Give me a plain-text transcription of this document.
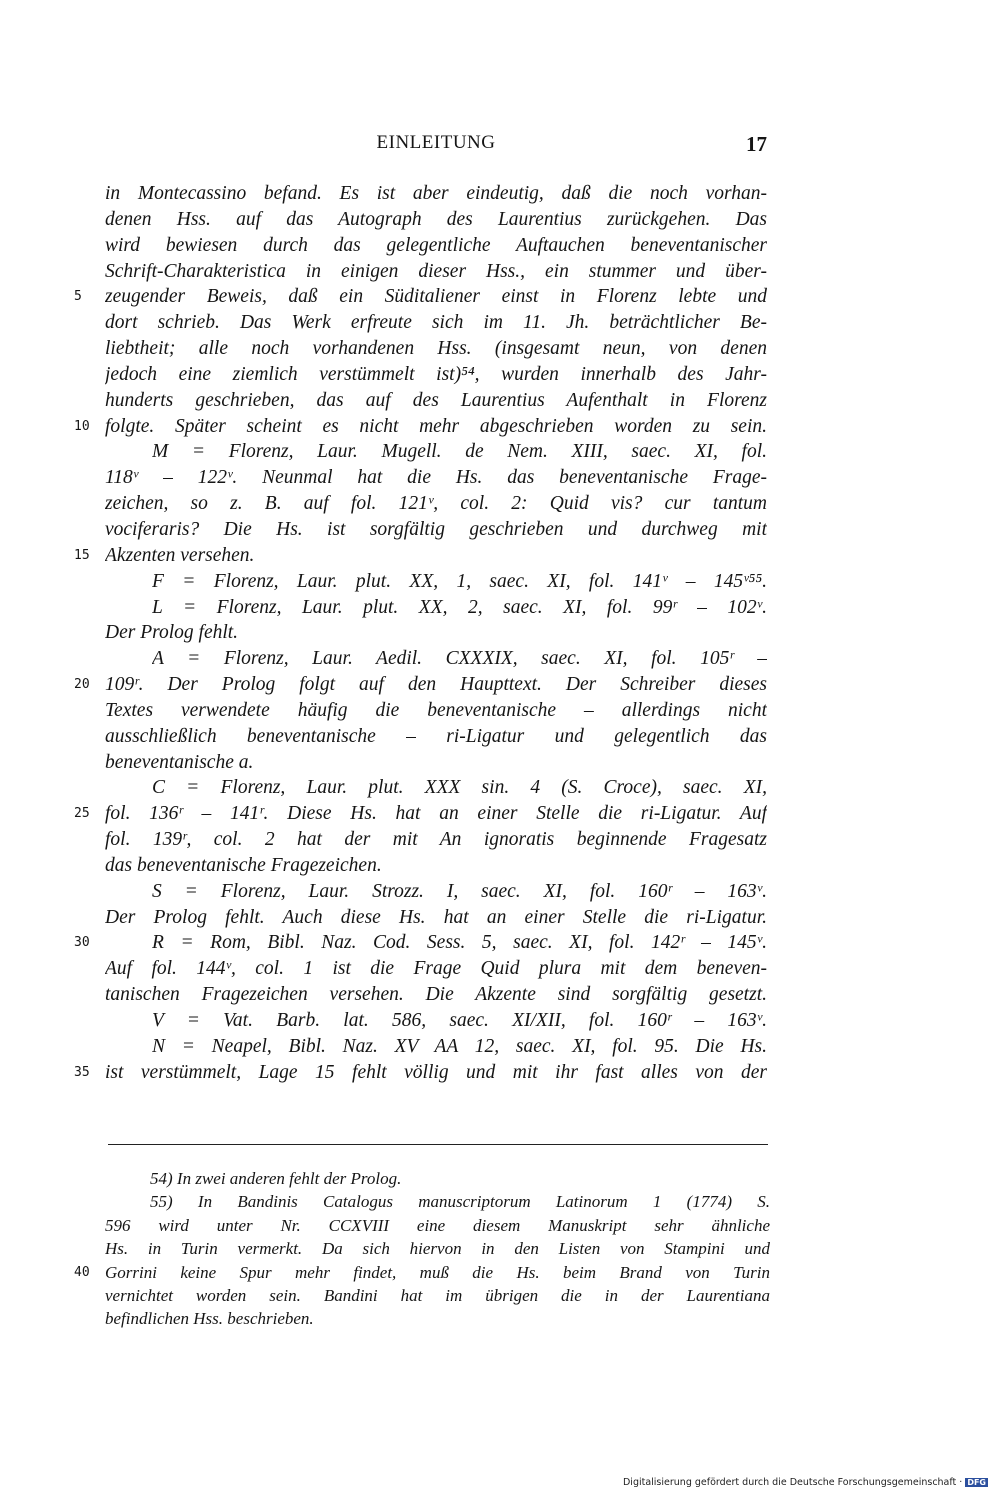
EINLEITUNG	17
in Montecassino befand. Es ist aber eindeutig, daß die noch vorhan-
denen Hss. auf das Autograph des Laurentius zurückgehen. Das
wird bewiesen durch das gelegentliche Auftauchen beneventanischer
Schrift-Charakteristica in einigen dieser Hss., ein stummer und über-
5	zeugender Beweis, daß ein Süditaliener einst in Florenz lebte und
dort schrieb. Das Werk erfreute sich im 11. Jh. beträchtlicher Be-
liebtheit; alle noch vorhandenen Hss. (insgesamt neun, von denen
jedoch eine ziemlich verstümmelt ist)⁵⁴, wurden innerhalb des Jahr-
hunderts geschrieben, das auf des Laurentius Aufenthalt in Florenz
10 folgte. Später scheint es nicht mehr abgeschrieben worden zu sein.
M = Florenz, Laur. Mugell. de Nem. XIII, saec. XI, fol.
118ᵛ – 122ᵛ. Neunmal hat die Hs. das beneventanische Frage-
zeichen, so z. B. auf fol. 121ᵛ, col. 2: Quid vis? cur tantum
vociferaris? Die Hs. ist sorgfältig geschrieben und durchweg mit
15 Akzenten versehen.
F = Florenz, Laur. plut. XX, 1, saec. XI, fol. 141ᵛ – 145ᵛ⁵⁵.
L = Florenz, Laur. plut. XX, 2, saec. XI, fol. 99ʳ – 102ᵛ.
Der Prolog fehlt.
A = Florenz, Laur. Aedil. CXXXIX, saec. XI, fol. 105ʳ –
20 109ʳ. Der Prolog folgt auf den Haupttext. Der Schreiber dieses
Textes verwendete häufig die beneventanische – allerdings nicht
ausschließlich beneventanische – ri-Ligatur und gelegentlich das
beneventanische a.
C = Florenz, Laur. plut. XXX sin. 4 (S. Croce), saec. XI,
25 fol. 136ʳ – 141ʳ. Diese Hs. hat an einer Stelle die ri-Ligatur. Auf
fol. 139ʳ, col. 2 hat der mit An ignoratis beginnende Fragesatz
das beneventanische Fragezeichen.
S = Florenz, Laur. Strozz. I, saec. XI, fol. 160ʳ – 163ᵛ.
Der Prolog fehlt. Auch diese Hs. hat an einer Stelle die ri-Ligatur.
30	R = Rom, Bibl. Naz. Cod. Sess. 5, saec. XI, fol. 142ʳ – 145ᵛ.
Auf fol. 144ᵛ, col. 1 ist die Frage Quid plura mit dem beneven-
tanischen Fragezeichen versehen. Die Akzente sind sorgfältig gesetzt.
V = Vat. Barb. lat. 586, saec. XI/XII, fol. 160ʳ – 163ᵛ.
N = Neapel, Bibl. Naz. XV AA 12, saec. XI, fol. 95. Die Hs.
35 ist verstümmelt, Lage 15 fehlt völlig und mit ihr fast alles von der
54) In zwei anderen fehlt der Prolog.
55) In Bandinis Catalogus manuscriptorum Latinorum 1 (1774) S.
596 wird unter Nr. CCXVIII eine diesem Manuskript sehr ähnliche
Hs. in Turin vermerkt. Da sich hiervon in den Listen von Stampini und
40 Gorrini keine Spur mehr findet, muß die Hs. beim Brand von Turin
vernichtet worden sein. Bandini hat im übrigen die in der Laurentiana
befindlichen Hss. beschrieben.
Digitalisierung gefördert durch die Deutsche Forschungsgemeinschaft · DFG
